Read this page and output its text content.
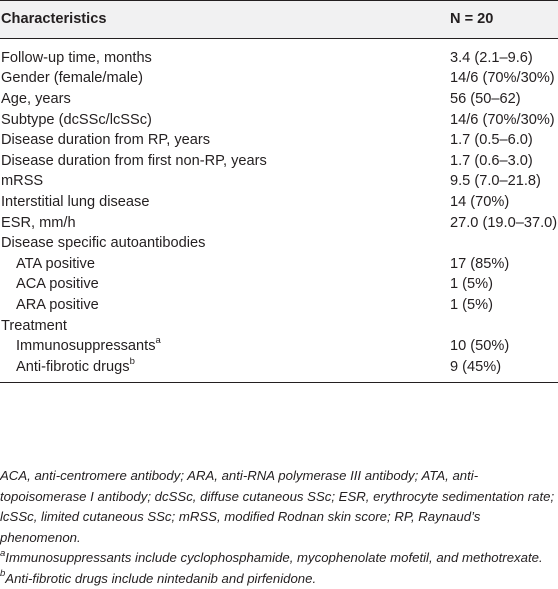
Characteristics	N = 20
Follow-up time, months	3.4 (2.1–9.6)
Gender (female/male)	14/6 (70%/30%)
Age, years	56 (50–62)
Subtype (dcSSc/lcSSc)	14/6 (70%/30%)
Disease duration from RP, years	1.7 (0.5–6.0)
Disease duration from first non-RP, years	1.7 (0.6–3.0)
mRSS	9.5 (7.0–21.8)
Interstitial lung disease	14 (70%)
ESR, mm/h	27.0 (19.0–37.0)
Disease specific autoantibodies	
ATA positive	17 (85%)
ACA positive	1 (5%)
ARA positive	1 (5%)
Treatment	
Immunosuppressants$^a$	10 (50%)
Anti-fibrotic drugs$^b$	9 (45%)

ACA, anti-centromere antibody; ARA, anti-RNA polymerase III antibody; ATA, anti-topoisomerase I antibody; dcSSc, diffuse cutaneous SSc; ESR, erythrocyte sedimentation rate; lcSSc, limited cutaneous SSc; mRSS, modified Rodnan skin score; RP, Raynaud’s phenomenon.

$^a$Immunosuppressants include cyclophosphamide, mycophenolate mofetil, and methotrexate.

$^b$Anti-fibrotic drugs include nintedanib and pirfenidone.
